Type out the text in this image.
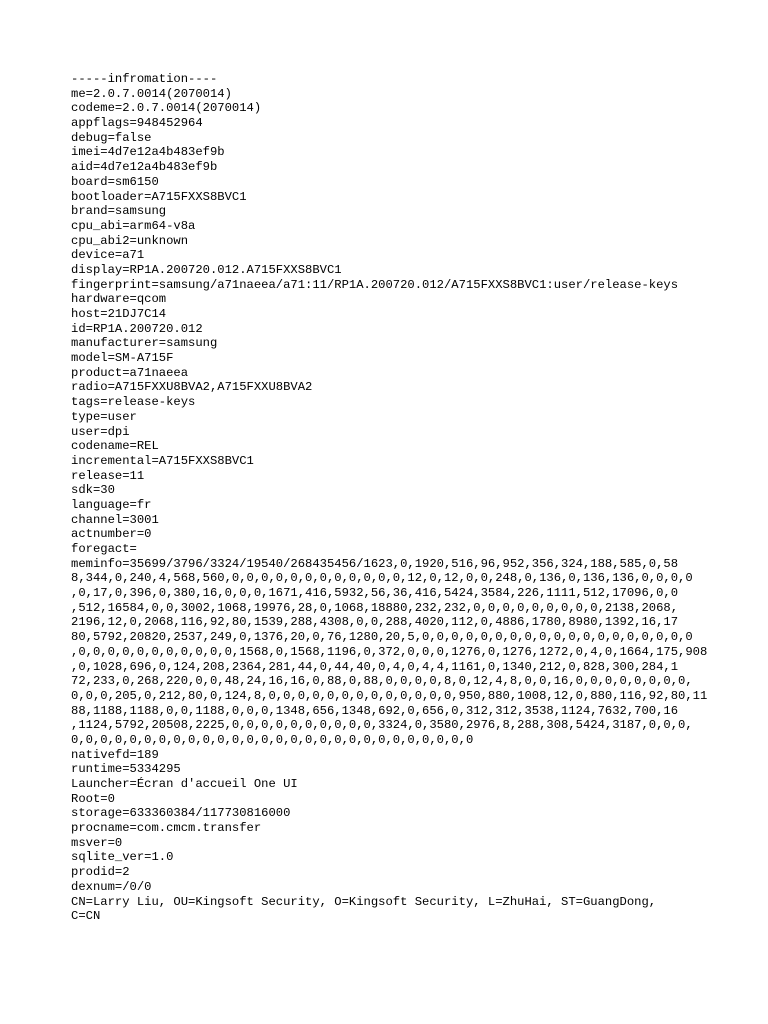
-----infromation----
me=2.0.7.0014(2070014)
codeme=2.0.7.0014(2070014)
appflags=948452964
debug=false
imei=4d7e12a4b483ef9b
aid=4d7e12a4b483ef9b
board=sm6150
bootloader=A715FXXS8BVC1
brand=samsung
cpu_abi=arm64-v8a
cpu_abi2=unknown
device=a71
display=RP1A.200720.012.A715FXXS8BVC1
fingerprint=samsung/a71naeea/a71:11/RP1A.200720.012/A715FXXS8BVC1:user/release-keys
hardware=qcom
host=21DJ7C14
id=RP1A.200720.012
manufacturer=samsung
model=SM-A715F
product=a71naeea
radio=A715FXXU8BVA2,A715FXXU8BVA2
tags=release-keys
type=user
user=dpi
codename=REL
incremental=A715FXXS8BVC1
release=11
sdk=30
language=fr
channel=3001
actnumber=0
foregact=
meminfo=35699/3796/3324/19540/268435456/1623,0,1920,516,96,952,356,324,188,585,0,58
8,344,0,240,4,568,560,0,0,0,0,0,0,0,0,0,0,0,0,12,0,12,0,0,248,0,136,0,136,136,0,0,0,0
,0,17,0,396,0,380,16,0,0,0,1671,416,5932,56,36,416,5424,3584,226,1111,512,17096,0,0
,512,16584,0,0,3002,1068,19976,28,0,1068,18880,232,232,0,0,0,0,0,0,0,0,0,2138,2068,
2196,12,0,2068,116,92,80,1539,288,4308,0,0,288,4020,112,0,4886,1780,8980,1392,16,17
80,5792,20820,2537,249,0,1376,20,0,76,1280,20,5,0,0,0,0,0,0,0,0,0,0,0,0,0,0,0,0,0,0,0
,0,0,0,0,0,0,0,0,0,0,0,1568,0,1568,1196,0,372,0,0,0,1276,0,1276,1272,0,4,0,1664,175,908
,0,1028,696,0,124,208,2364,281,44,0,44,40,0,4,0,4,4,1161,0,1340,212,0,828,300,284,1
72,233,0,268,220,0,0,48,24,16,16,0,88,0,88,0,0,0,0,8,0,12,4,8,0,0,16,0,0,0,0,0,0,0,0,
0,0,0,205,0,212,80,0,124,8,0,0,0,0,0,0,0,0,0,0,0,0,0,950,880,1008,12,0,880,116,92,80,11
88,1188,1188,0,0,1188,0,0,0,1348,656,1348,692,0,656,0,312,312,3538,1124,7632,700,16
,1124,5792,20508,2225,0,0,0,0,0,0,0,0,0,0,3324,0,3580,2976,8,288,308,5424,3187,0,0,0,
0,0,0,0,0,0,0,0,0,0,0,0,0,0,0,0,0,0,0,0,0,0,0,0,0,0,0,0
nativefd=189
runtime=5334295
Launcher=Écran d'accueil One UI
Root=0
storage=633360384/117730816000
procname=com.cmcm.transfer
msver=0
sqlite_ver=1.0
prodid=2
dexnum=/0/0
CN=Larry Liu, OU=Kingsoft Security, O=Kingsoft Security, L=ZhuHai, ST=GuangDong,
C=CN
